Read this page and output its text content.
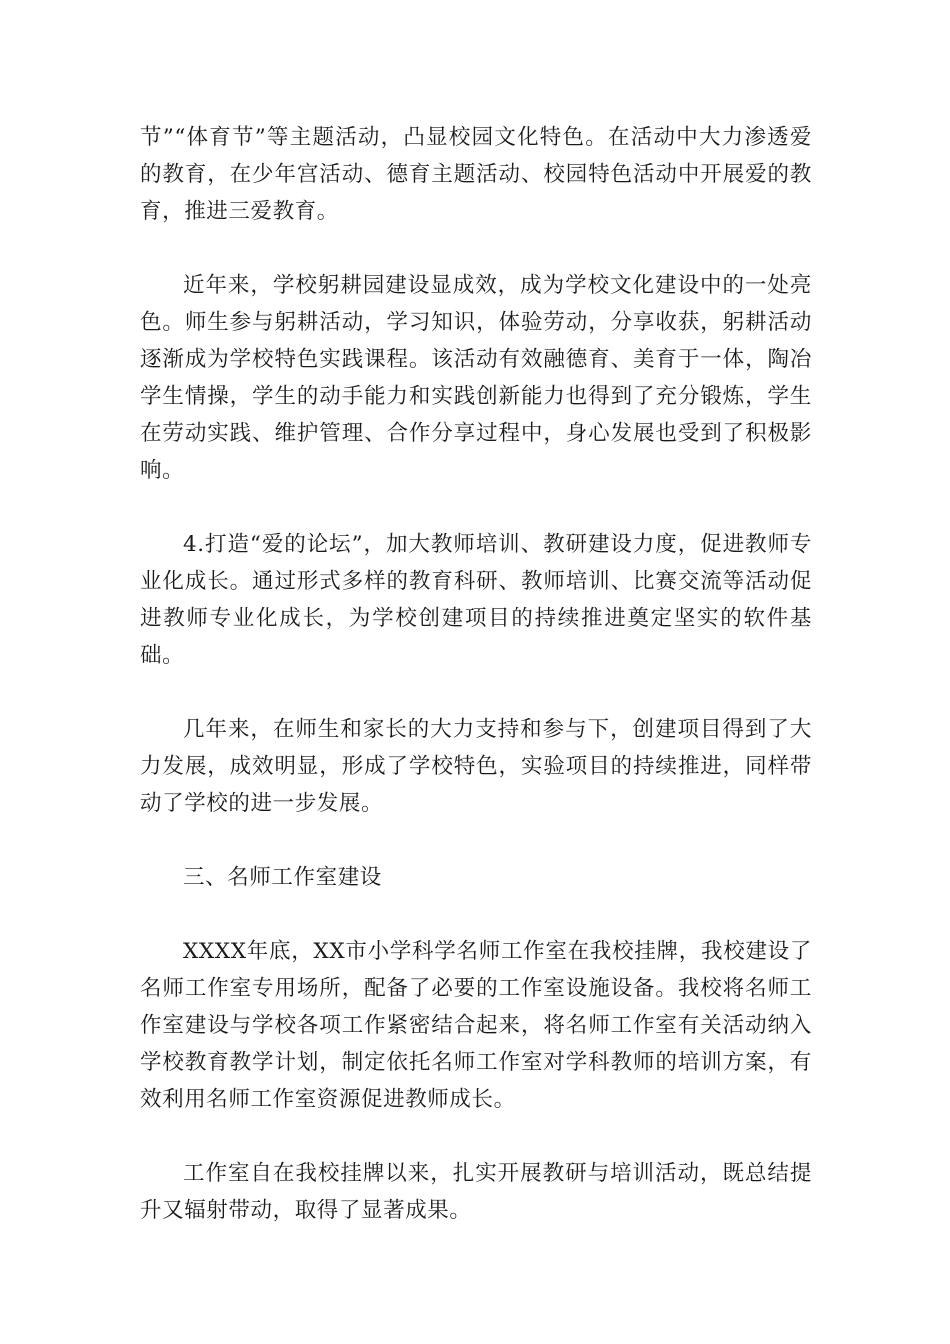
节”“体育节”等主题活动，凸显校园文化特色。在活动中大力渗透爱的教育，在少年宫活动、德育主题活动、校园特色活动中开展爱的教育，推进三爱教育。

近年来，学校躬耕园建设显成效，成为学校文化建设中的一处亮色。师生参与躬耕活动，学习知识，体验劳动，分享收获，躬耕活动逐渐成为学校特色实践课程。该活动有效融德育、美育于一体，陶冶学生情操，学生的动手能力和实践创新能力也得到了充分锻炼，学生在劳动实践、维护管理、合作分享过程中，身心发展也受到了积极影响。

4.打造“爱的论坛”，加大教师培训、教研建设力度，促进教师专业化成长。通过形式多样的教育科研、教师培训、比赛交流等活动促进教师专业化成长，为学校创建项目的持续推进奠定坚实的软件基础。

几年来，在师生和家长的大力支持和参与下，创建项目得到了大力发展，成效明显，形成了学校特色，实验项目的持续推进，同样带动了学校的进一步发展。

三、名师工作室建设

XXXX年底，XX市小学科学名师工作室在我校挂牌，我校建设了名师工作室专用场所，配备了必要的工作室设施设备。我校将名师工作室建设与学校各项工作紧密结合起来，将名师工作室有关活动纳入学校教育教学计划，制定依托名师工作室对学科教师的培训方案，有效利用名师工作室资源促进教师成长。

工作室自在我校挂牌以来，扎实开展教研与培训活动，既总结提升又辐射带动，取得了显著成果。
